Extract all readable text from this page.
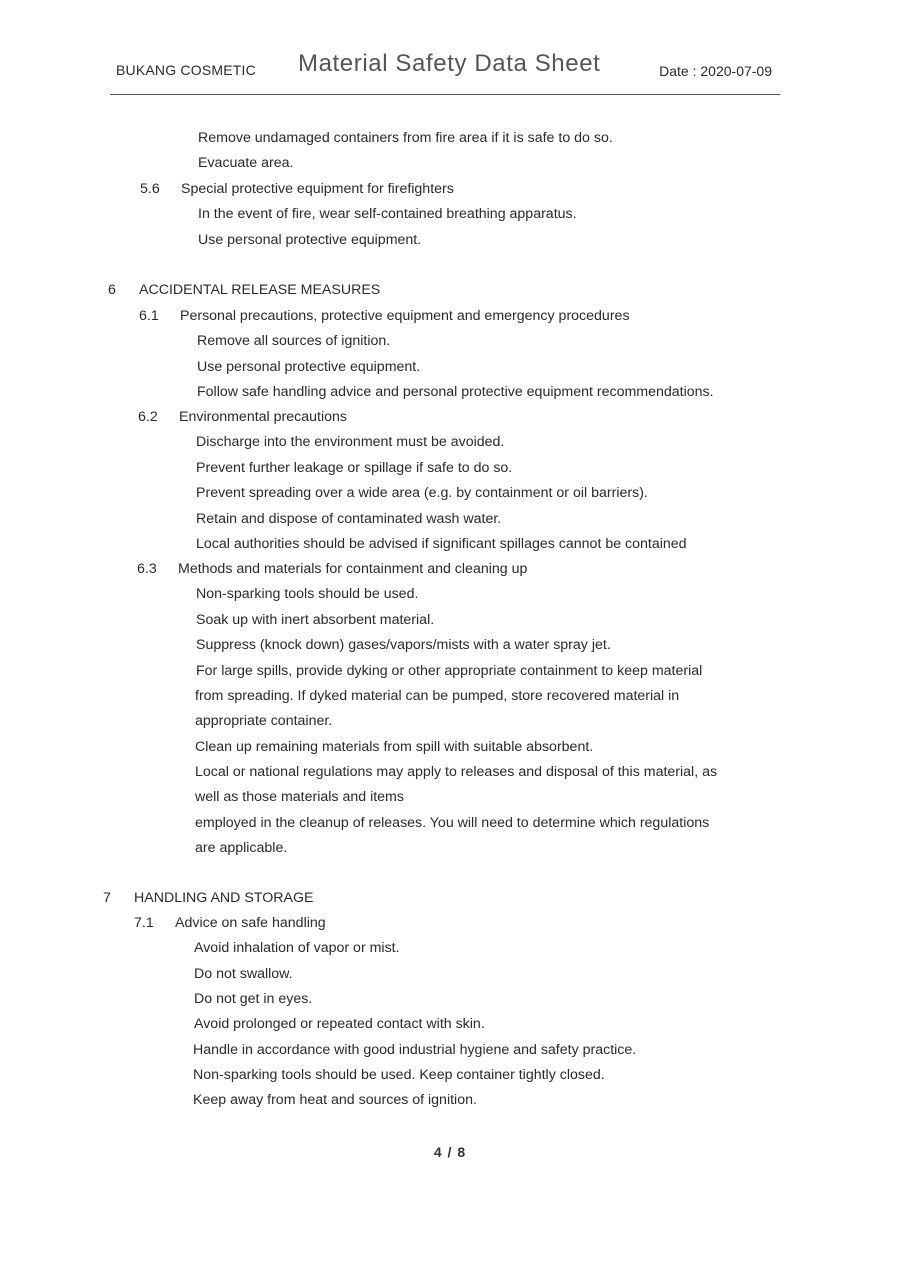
BUKANG COSMETIC Material Safety Data Sheet	Date : 2020-07-09
Remove undamaged containers from fire area if it is safe to do so.
Evacuate area.
5.6 Special protective equipment for firefighters
In the event of fire, wear self-contained breathing apparatus.
Use personal protective equipment.
6 ACCIDENTAL RELEASE MEASURES
6.1 Personal precautions, protective equipment and emergency procedures
Remove all sources of ignition.
Use personal protective equipment.
Follow safe handling advice and personal protective equipment recommendations.
6.2 Environmental precautions
Discharge into the environment must be avoided.
Prevent further leakage or spillage if safe to do so.
Prevent spreading over a wide area (e.g. by containment or oil barriers).
Retain and dispose of contaminated wash water.
Local authorities should be advised if significant spillages cannot be contained
6.3 Methods and materials for containment and cleaning up
Non-sparking tools should be used.
Soak up with inert absorbent material.
Suppress (knock down) gases/vapors/mists with a water spray jet.
For large spills, provide dyking or other appropriate containment to keep material
from spreading. If dyked material can be pumped, store recovered material in
appropriate container.
Clean up remaining materials from spill with suitable absorbent.
Local or national regulations may apply to releases and disposal of this material, as
well as those materials and items
employed in the cleanup of releases. You will need to determine which regulations
are applicable.
7 HANDLING AND STORAGE
7.1 Advice on safe handling
Avoid inhalation of vapor or mist.
Do not swallow.
Do not get in eyes.
Avoid prolonged or repeated contact with skin.
Handle in accordance with good industrial hygiene and safety practice.
Non-sparking tools should be used. Keep container tightly closed.
Keep away from heat and sources of ignition.
4 / 8
